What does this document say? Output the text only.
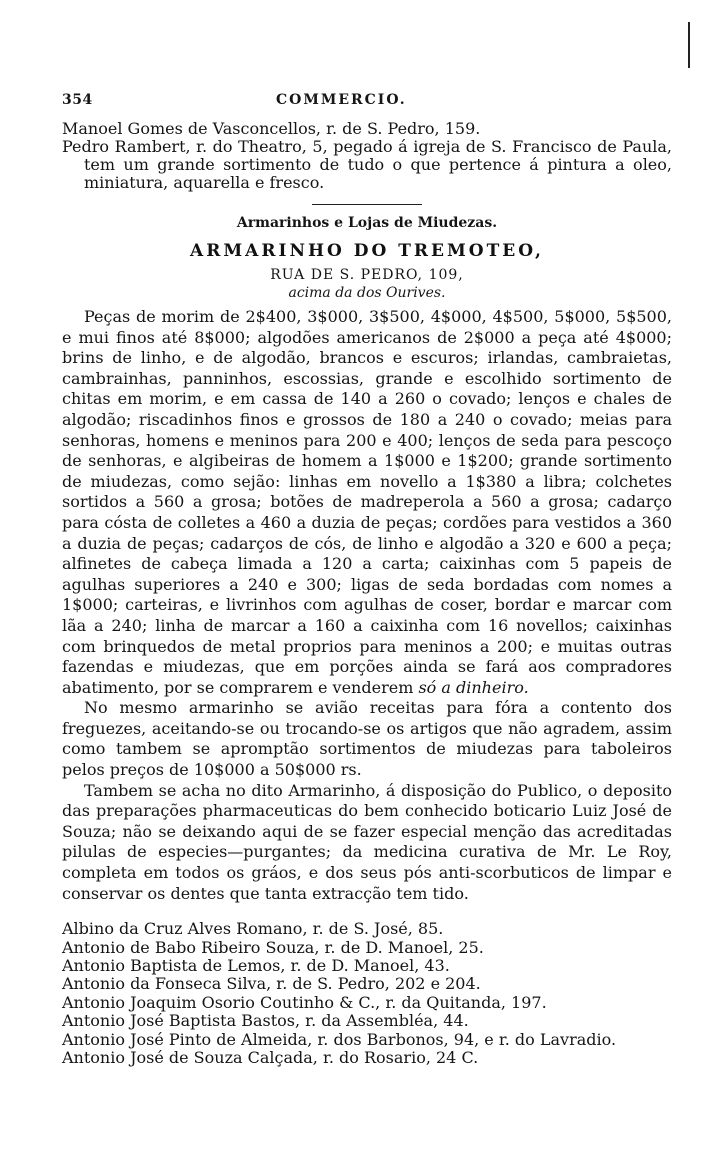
354	COMMERCIO.

Manoel Gomes de Vasconcellos, r. de S. Pedro, 159.

Pedro Rambert, r. do Theatro, 5, pegado á igreja de S. Francisco de Paula, tem um grande sortimento de tudo o que pertence á pintura a oleo, miniatura, aquarella e fresco.

Armarinhos e Lojas de Miudezas.

ARMARINHO DO TREMOTEO,

RUA DE S. PEDRO, 109,

acima da dos Ourives.

Peças de morim de 2$400, 3$000, 3$500, 4$000, 4$500, 5$000, 5$500, e mui finos até 8$000; algodões americanos de 2$000 a peça até 4$000; brins de linho, e de algodão, brancos e escuros; irlandas, cambraietas, cambrainhas, panninhos, escossias, grande e escolhido sortimento de chitas em morim, e em cassa de 140 a 260 o covado; lenços e chales de algodão; riscadinhos finos e grossos de 180 a 240 o covado; meias para senhoras, homens e meninos para 200 e 400; lenços de seda para pescoço de senhoras, e algibeiras de homem a 1$000 e 1$200; grande sortimento de miudezas, como sejão: linhas em novello a 1$380 a libra; colchetes sortidos a 560 a grosa; botões de madreperola a 560 a grosa; cadarço para cósta de colletes a 460 a duzia de peças; cordões para vestidos a 360 a duzia de peças; cadarços de cós, de linho e algodão a 320 e 600 a peça; alfinetes de cabeça limada a 120 a carta; caixinhas com 5 papeis de agulhas superiores a 240 e 300; ligas de seda bordadas com nomes a 1$000; carteiras, e livrinhos com agulhas de coser, bordar e marcar com lãa a 240; linha de marcar a 160 a caixinha com 16 novellos; caixinhas com brinquedos de metal proprios para meninos a 200; e muitas outras fazendas e miudezas, que em porções ainda se fará aos compradores abatimento, por se comprarem e venderem só a dinheiro.

No mesmo armarinho se avião receitas para fóra a contento dos freguezes, aceitando-se ou trocando-se os artigos que não agradem, assim como tambem se apromptão sortimentos de miudezas para taboleiros pelos preços de 10$000 a 50$000 rs.

Tambem se acha no dito Armarinho, á disposição do Publico, o deposito das preparações pharmaceuticas do bem conhecido boticario Luiz José de Souza; não se deixando aqui de se fazer especial menção das acreditadas pilulas de especies—purgantes; da medicina curativa de Mr. Le Roy, completa em todos os gráos, e dos seus pós anti-scorbuticos de limpar e conservar os dentes que tanta extracção tem tido.

Albino da Cruz Alves Romano, r. de S. José, 85.

Antonio de Babo Ribeiro Souza, r. de D. Manoel, 25.

Antonio Baptista de Lemos, r. de D. Manoel, 43.

Antonio da Fonseca Silva, r. de S. Pedro, 202 e 204.

Antonio Joaquim Osorio Coutinho & C., r. da Quitanda, 197.

Antonio José Baptista Bastos, r. da Assembléa, 44.

Antonio José Pinto de Almeida, r. dos Barbonos, 94, e r. do Lavradio.

Antonio José de Souza Calçada, r. do Rosario, 24 C.
